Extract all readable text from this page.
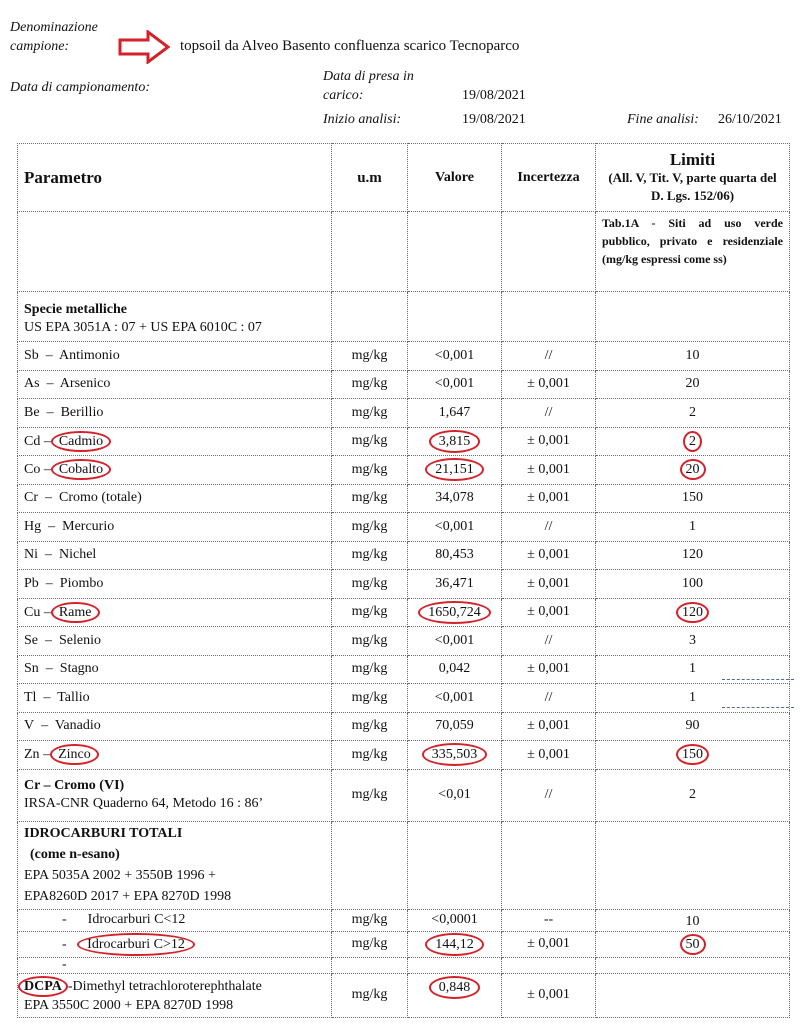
Denominazione
campione:	topsoil da Alveo Basento confluenza scarico Tecnoparco
Data di campionamento:
Data di presa in
carico:	19/08/2021
Inizio analisi:	19/08/2021	Fine analisi: 26/10/2021
Parametro	u.m	Valore	Incertezza	Limiti
(All. V, Tit. V, parte quarta del D. Lgs. 152/06)

				Tab.1A - Siti ad uso verde pubblico, privato e residenziale (mg/kg espressi come ss)

Specie metalliche
US EPA 3051A : 07 + US EPA 6010C : 07				

Sb  –  Antimonio	mg/kg	<0,001	//	10
As  –  Arsenico	mg/kg	<0,001	± 0,001	20
Be  –  Berillio	mg/kg	1,647	//	2
Cd – Cadmio	mg/kg	3,815	± 0,001	2
Co – Cobalto	mg/kg	21,151	± 0,001	20
Cr  –  Cromo (totale)	mg/kg	34,078	± 0,001	150
Hg  –  Mercurio	mg/kg	<0,001	//	1
Ni  –  Nichel	mg/kg	80,453	± 0,001	120
Pb  –  Piombo	mg/kg	36,471	± 0,001	100
Cu – Rame	mg/kg	1650,724	± 0,001	120
Se  –  Selenio	mg/kg	<0,001	//	3
Sn  –  Stagno	mg/kg	0,042	± 0,001	1
Tl  –  Tallio	mg/kg	<0,001	//	1
V  –  Vanadio	mg/kg	70,059	± 0,001	90
Zn – Zinco	mg/kg	335,503	± 0,001	150

Cr – Cromo (VI)
IRSA-CNR Quaderno 64, Metodo 16 : 86’	mg/kg	<0,01	//	2

IDROCARBURI TOTALI
(come n-esano)
EPA 5035A 2002 + 3550B 1996 +
EPA8260D 2017 + EPA 8270D 1998				

-      Idrocarburi C<12	mg/kg	<0,0001	--	10
-   Idrocarburi C>12	mg/kg	144,12	± 0,001	50
-				

DCPA -Dimethyl tetrachloroterephthalate
EPA 3550C 2000 + EPA 8270D 1998	mg/kg	0,848	± 0,001	
